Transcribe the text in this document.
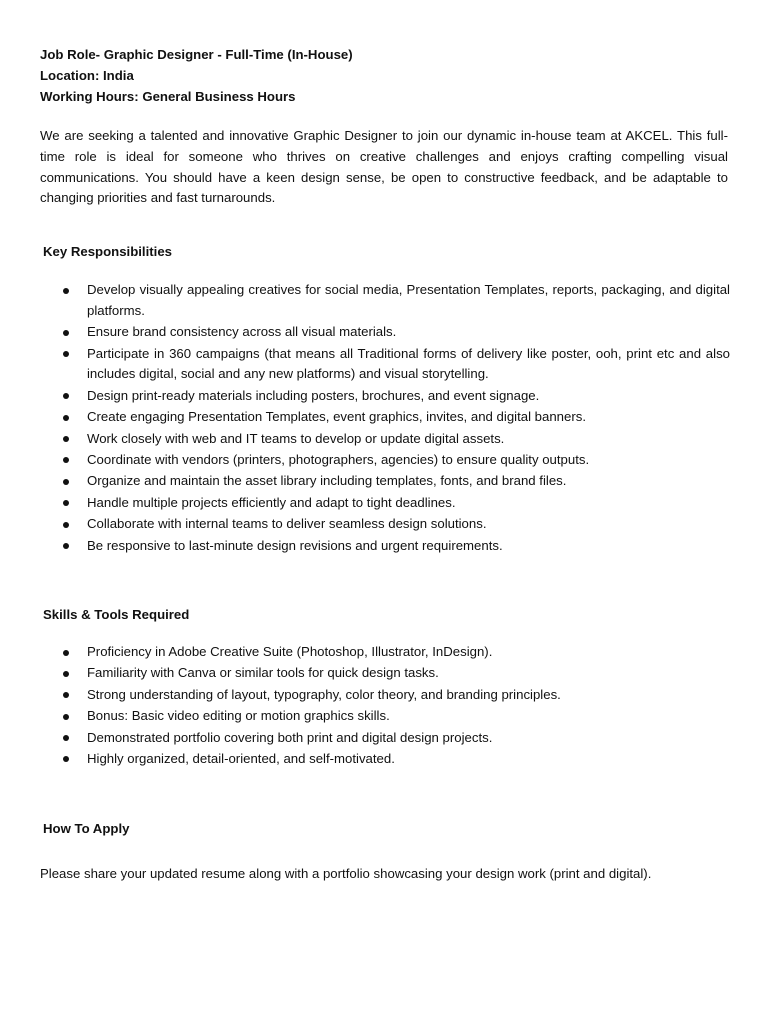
Job Role- Graphic Designer - Full-Time (In-House)
Location: India
Working Hours: General Business Hours
We are seeking a talented and innovative Graphic Designer to join our dynamic in-house team at AKCEL. This full-time role is ideal for someone who thrives on creative challenges and enjoys crafting compelling visual communications. You should have a keen design sense, be open to constructive feedback, and be adaptable to changing priorities and fast turnarounds.
Key Responsibilities
Develop visually appealing creatives for social media, Presentation Templates, reports, packaging, and digital platforms.
Ensure brand consistency across all visual materials.
Participate in 360 campaigns (that means all Traditional forms of delivery like poster, ooh, print etc and also includes digital, social and any new platforms) and visual storytelling.
Design print-ready materials including posters, brochures, and event signage.
Create engaging Presentation Templates, event graphics, invites, and digital banners.
Work closely with web and IT teams to develop or update digital assets.
Coordinate with vendors (printers, photographers, agencies) to ensure quality outputs.
Organize and maintain the asset library including templates, fonts, and brand files.
Handle multiple projects efficiently and adapt to tight deadlines.
Collaborate with internal teams to deliver seamless design solutions.
Be responsive to last-minute design revisions and urgent requirements.
Skills & Tools Required
Proficiency in Adobe Creative Suite (Photoshop, Illustrator, InDesign).
Familiarity with Canva or similar tools for quick design tasks.
Strong understanding of layout, typography, color theory, and branding principles.
Bonus: Basic video editing or motion graphics skills.
Demonstrated portfolio covering both print and digital design projects.
Highly organized, detail-oriented, and self-motivated.
How To Apply
Please share your updated resume along with a portfolio showcasing your design work (print and digital).
